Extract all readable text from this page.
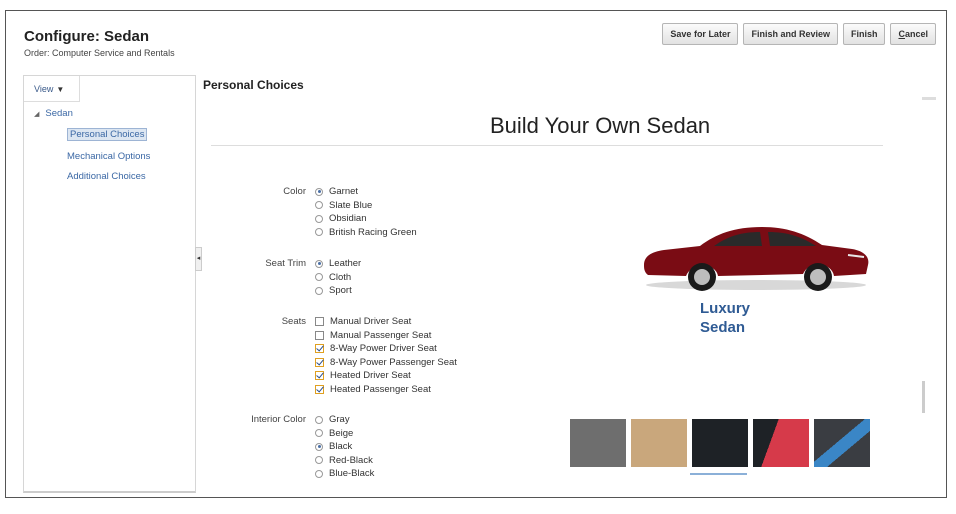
Configure: Sedan
Order: Computer Service and Rentals
Save for Later	Finish and Review	Finish	Cancel
View ▼
◢ Sedan
Personal Choices
Mechanical Options
Additional Choices
◂
Personal Choices
Build Your Own Sedan
Color Garnet
Slate Blue
Obsidian
British Racing Green
Seat Trim Leather
Cloth
Sport
Seats	Manual Driver Seat
Manual Passenger Seat
8-Way Power Driver Seat
8-Way Power Passenger Seat
Heated Driver Seat
Heated Passenger Seat
Interior Color Gray
Beige
Black
Red-Black
Blue-Black
Luxury
Sedan
